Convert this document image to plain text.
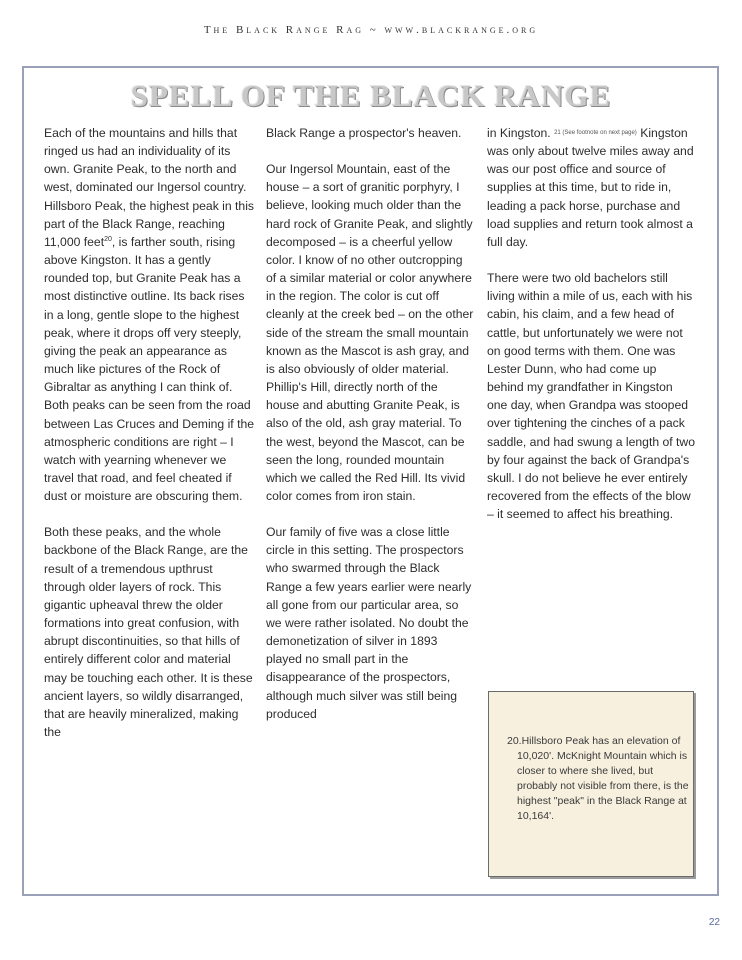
The Black Range Rag ~ www.blackrange.org
SPELL OF THE BLACK RANGE

Each of the mountains and hills that ringed us had an individuality of its own. Granite Peak, to the north and west, dominated our Ingersol country. Hillsboro Peak, the highest peak in this part of the Black Range, reaching 11,000 feet$^{20}$, is farther south, rising above Kingston. It has a gently rounded top, but Granite Peak has a most distinctive outline. Its back rises in a long, gentle slope to the highest peak, where it drops off very steeply, giving the peak an appearance as much like pictures of the Rock of Gibraltar as anything I can think of. Both peaks can be seen from the road between Las Cruces and Deming if the atmospheric conditions are right – I watch with yearning whenever we travel that road, and feel cheated if dust or moisture are obscuring them.

Both these peaks, and the whole backbone of the Black Range, are the result of a tremendous upthrust through older layers of rock. This gigantic upheaval threw the older formations into great confusion, with abrupt discontinuities, so that hills of entirely different color and material may be touching each other. It is these ancient layers, so wildly disarranged, that are heavily mineralized, making the

Black Range a prospector's heaven.

Our Ingersol Mountain, east of the house – a sort of granitic porphyry, I believe, looking much older than the hard rock of Granite Peak, and slightly decomposed – is a cheerful yellow color. I know of no other outcropping of a similar material or color anywhere in the region. The color is cut off cleanly at the creek bed – on the other side of the stream the small mountain known as the Mascot is ash gray, and is also obviously of older material. Phillip's Hill, directly north of the house and abutting Granite Peak, is also of the old, ash gray material. To the west, beyond the Mascot, can be seen the long, rounded mountain which we called the Red Hill. Its vivid color comes from iron stain.

Our family of five was a close little circle in this setting. The prospectors who swarmed through the Black Range a few years earlier were nearly all gone from our particular area, so we were rather isolated. No doubt the demonetization of silver in 1893 played no small part in the disappearance of the prospectors, although much silver was still being produced

in Kingston. $^{21 (See footnote on next page)}$ Kingston was only about twelve miles away and was our post office and source of supplies at this time, but to ride in, leading a pack horse, purchase and load supplies and return took almost a full day.

There were two old bachelors still living within a mile of us, each with his cabin, his claim, and a few head of cattle, but unfortunately we were not on good terms with them. One was Lester Dunn, who had come up behind my grandfather in Kingston one day, when Grandpa was stooped over tightening the cinches of a pack saddle, and had swung a length of two by four against the back of Grandpa's skull. I do not believe he ever entirely recovered from the effects of the blow – it seemed to affect his breathing.

20.Hillsboro Peak has an elevation of 10,020'. McKnight Mountain which is closer to where she lived, but probably not visible from there, is the highest "peak" in the Black Range at 10,164'.
22
